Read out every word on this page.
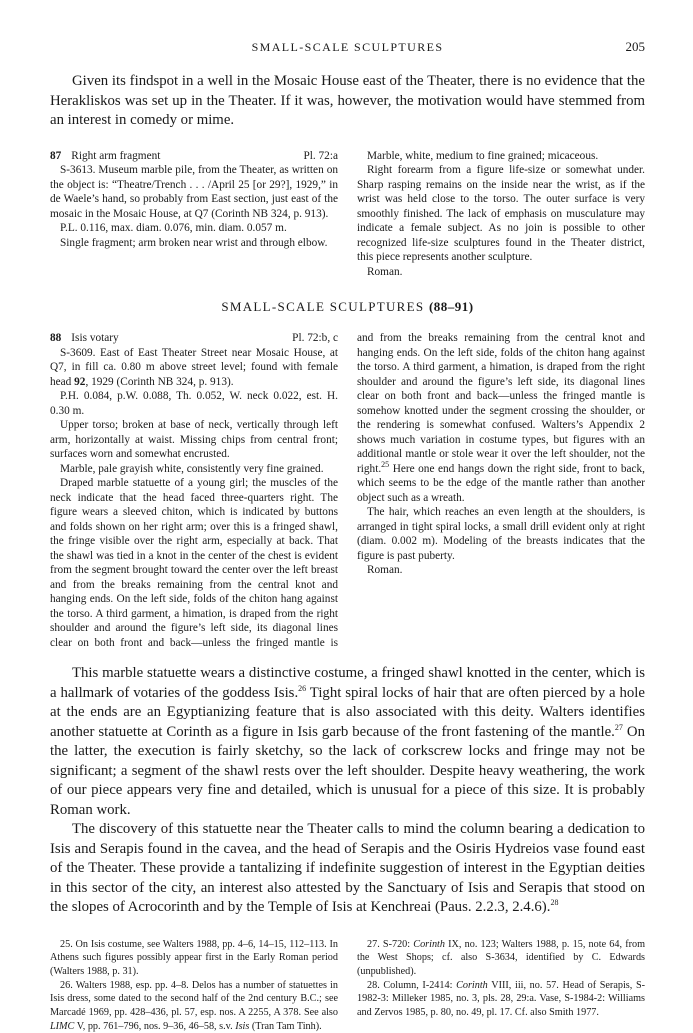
SMALL-SCALE SCULPTURES	205

Given its findspot in a well in the Mosaic House east of the Theater, there is no evidence that the Herakliskos was set up in the Theater. If it was, however, the motivation would have stemmed from an interest in comedy or mime.

87 Right arm fragment	Pl. 72:a

S-3613. Museum marble pile, from the Theater, as written on the object is: “Theatre/Trench . . . /April 25 [or 29?], 1929,” in de Waele’s hand, so probably from East section, just east of the mosaic in the Mosaic House, at Q7 (Corinth NB 324, p. 913).

P.L. 0.116, max. diam. 0.076, min. diam. 0.057 m.

Single fragment; arm broken near wrist and through elbow.

Marble, white, medium to fine grained; micaceous.

Right forearm from a figure life-size or somewhat under. Sharp rasping remains on the inside near the wrist, as if the wrist was held close to the torso. The outer surface is very smoothly finished. The lack of emphasis on musculature may indicate a female subject. As no join is possible to other recognized life-size sculptures found in the Theater district, this piece represents another sculpture.

Roman.

SMALL-SCALE SCULPTURES (88–91)
88 Isis votary	Pl. 72:b, c

S-3609. East of East Theater Street near Mosaic House, at Q7, in fill ca. 0.80 m above street level; found with female head 92, 1929 (Corinth NB 324, p. 913).

P.H. 0.084, p.W. 0.088, Th. 0.052, W. neck 0.022, est. H. 0.30 m.

Upper torso; broken at base of neck, vertically through left arm, horizontally at waist. Missing chips from central front; surfaces worn and somewhat encrusted.

Marble, pale grayish white, consistently very fine grained.

Draped marble statuette of a young girl; the muscles of the neck indicate that the head faced three-quarters right. The figure wears a sleeved chiton, which is indicated by buttons and folds shown on her right arm; over this is a fringed shawl, the fringe visible over the right arm, especially at back. That the shawl was tied in a knot in the center of the chest is evident from the segment brought toward the center over the left breast and from the breaks remaining from the central knot and hanging ends. On the left side, folds of the chiton hang against the torso. A third garment, a himation, is draped from the right shoulder and around the figure’s left side, its diagonal lines clear on both front and back—unless the fringed mantle is

and from the breaks remaining from the central knot and hanging ends. On the left side, folds of the chiton hang against the torso. A third garment, a himation, is draped from the right shoulder and around the figure’s left side, its diagonal lines clear on both front and back—unless the fringed mantle is somehow knotted under the segment crossing the shoulder, or the rendering is somewhat confused. Walters’s Appendix 2 shows much variation in costume types, but figures with an additional mantle or stole wear it over the left shoulder, not the right.$^{25}$ Here one end hangs down the right side, front to back, which seems to be the edge of the mantle rather than another object such as a wreath.

The hair, which reaches an even length at the shoulders, is arranged in tight spiral locks, a small drill evident only at right (diam. 0.002 m). Modeling of the breasts indicates that the figure is past puberty.

Roman.

This marble statuette wears a distinctive costume, a fringed shawl knotted in the center, which is a hallmark of votaries of the goddess Isis.$^{26}$ Tight spiral locks of hair that are often pierced by a hole at the ends are an Egyptianizing feature that is also associated with this deity. Walters identifies another statuette at Corinth as a figure in Isis garb because of the front fastening of the mantle.$^{27}$ On the latter, the execution is fairly sketchy, so the lack of corkscrew locks and fringe may not be significant; a segment of the shawl rests over the left shoulder. Despite heavy weathering, the work of our piece appears very fine and detailed, which is unusual for a piece of this size. It is probably Roman work.

The discovery of this statuette near the Theater calls to mind the column bearing a dedication to Isis and Serapis found in the cavea, and the head of Serapis and the Osiris Hydreios vase found east of the Theater. These provide a tantalizing if indefinite suggestion of interest in the Egyptian deities in this sector of the city, an interest also attested by the Sanctuary of Isis and Serapis that stood on the slopes of Acrocorinth and by the Temple of Isis at Kenchreai (Paus. 2.2.3, 2.4.6).$^{28}$

25. On Isis costume, see Walters 1988, pp. 4–6, 14–15, 112–113. In Athens such figures possibly appear first in the Early Roman period (Walters 1988, p. 31).

26. Walters 1988, esp. pp. 4–8. Delos has a number of statuettes in Isis dress, some dated to the second half of the 2nd century B.C.; see Marcadé 1969, pp. 428–436, pl. 57, esp. nos. A 2255, A 378. See also LIMC V, pp. 761–796, nos. 9–36, 46–58, s.v. Isis (Tran Tam Tinh).

27. S-720: Corinth IX, no. 123; Walters 1988, p. 15, note 64, from the West Shops; cf. also S-3634, identified by C. Edwards (unpublished).

28. Column, I-2414: Corinth VIII, iii, no. 57. Head of Serapis, S-1982-3: Milleker 1985, no. 3, pls. 28, 29:a. Vase, S-1984-2: Williams and Zervos 1985, p. 80, no. 49, pl. 17. Cf. also Smith 1977.
